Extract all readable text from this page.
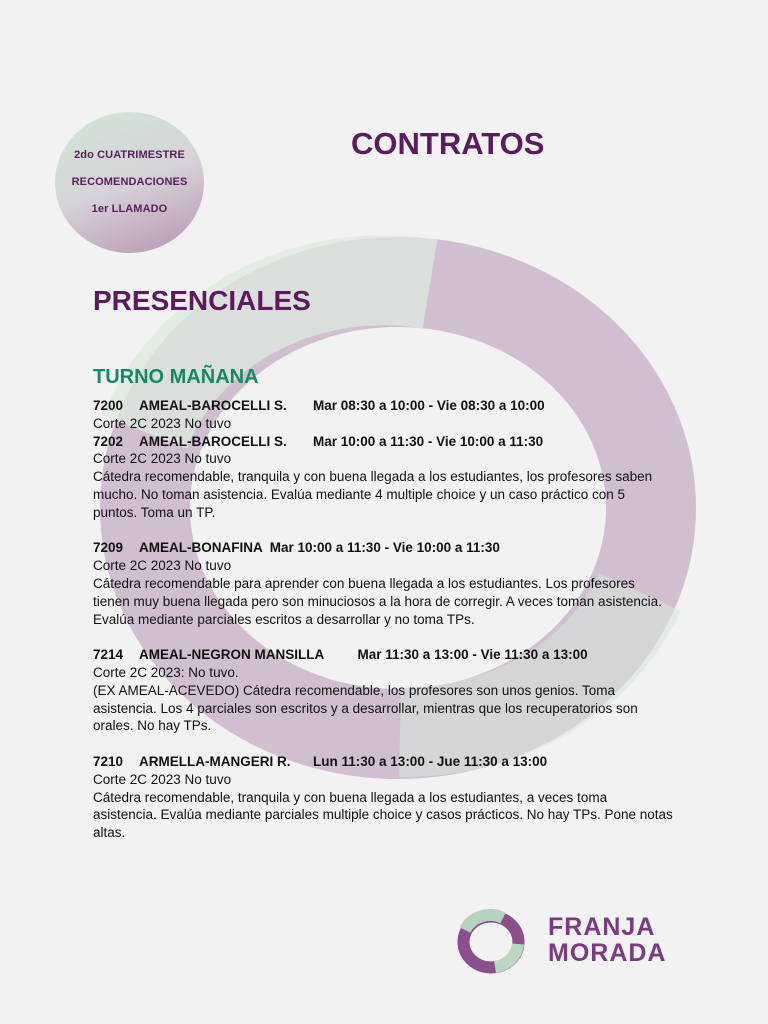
2do CUATRIMESTRE
RECOMENDACIONES
1er LLAMADO
CONTRATOS
PRESENCIALES
TURNO MAÑANA
7200 AMEAL-BAROCELLI S. Mar 08:30 a 10:00 - Vie 08:30 a 10:00
Corte 2C 2023 No tuvo
7202 AMEAL-BAROCELLI S. Mar 10:00 a 11:30 - Vie 10:00 a 11:30
Corte 2C 2023 No tuvo
Cátedra recomendable, tranquila y con buena llegada a los estudiantes, los profesores saben mucho. No toman asistencia. Evalúa mediante 4 multiple choice y un caso práctico con 5 puntos. Toma un TP.
7209 AMEAL-BONAFINA Mar 10:00 a 11:30 - Vie 10:00 a 11:30
Corte 2C 2023 No tuvo
Cátedra recomendable para aprender con buena llegada a los estudiantes. Los profesores tienen muy buena llegada pero son minuciosos a la hora de corregir. A veces toman asistencia. Evalúa mediante parciales escritos a desarrollar y no toma TPs.
7214 AMEAL-NEGRON MANSILLA	Mar 11:30 a 13:00 - Vie 11:30 a 13:00
Corte 2C 2023: No tuvo.
(EX AMEAL-ACEVEDO) Cátedra recomendable, los profesores son unos genios. Toma asistencia. Los 4 parciales son escritos y a desarrollar, mientras que los recuperatorios son orales. No hay TPs.
7210 ARMELLA-MANGERI R. Lun 11:30 a 13:00 - Jue 11:30 a 13:00
Corte 2C 2023 No tuvo
Cátedra recomendable, tranquila y con buena llegada a los estudiantes, a veces toma asistencia. Evalúa mediante parciales multiple choice y casos prácticos. No hay TPs. Pone notas altas.
FRANJA
MORADA
